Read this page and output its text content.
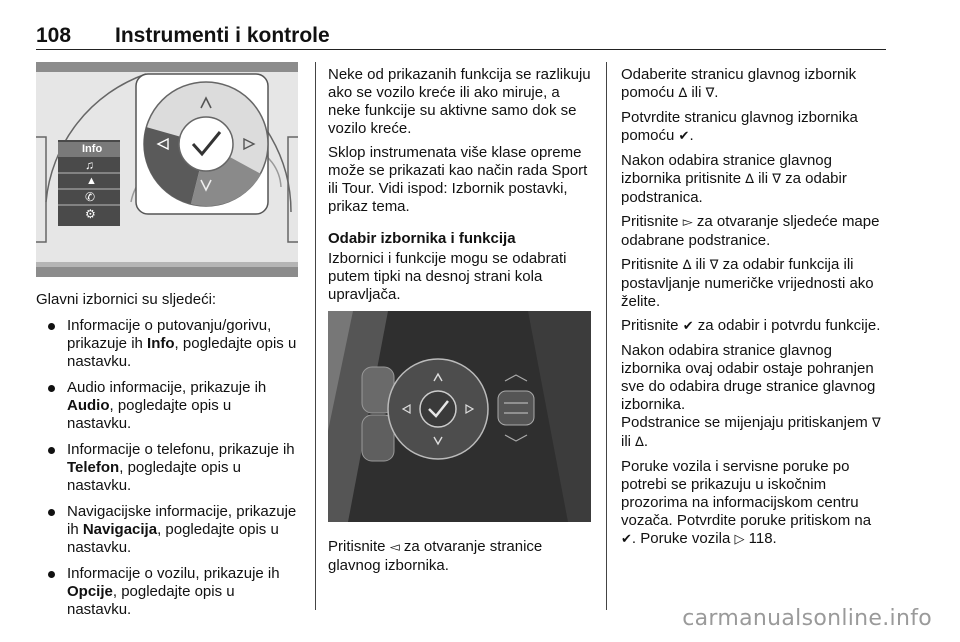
108 Instrumenti i kontrole
Info
♫
▲
✆
⚙

Glavni izbornici su sljedeći:

Informacije o putovanju/gorivu, prikazuje ih Info, pogledajte opis u nastavku.
Audio informacije, prikazuje ih Audio, pogledajte opis u nastavku.
Informacije o telefonu, prikazuje ih Telefon, pogledajte opis u nastavku.
Navigacijske informacije, prikazuje ih Navigacija, pogledajte opis u nastavku.
Informacije o vozilu, prikazuje ih Opcije, pogledajte opis u nastavku.

Neke od prikazanih funkcija se razlikuju ako se vozilo kreće ili ako miruje, a neke funkcije su aktivne samo dok se vozilo kreće.

Sklop instrumenata više klase opreme može se prikazati kao način rada Sport ili Tour. Vidi ispod: Izbornik postavki, prikaz tema.

Odabir izbornika i funkcija

Izbornici i funkcije mogu se odabrati putem tipki na desnoj strani kola upravljača.

Pritisnite ◅ za otvaranje stranice glavnog izbornika.

Odaberite stranicu glavnog izbornik pomoću ∆ ili ∇.

Potvrdite stranicu glavnog izbornika pomoću ✔.

Nakon odabira stranice glavnog izbornika pritisnite ∆ ili ∇ za odabir podstranica.

Pritisnite ▻ za otvaranje sljedeće mape odabrane podstranice.

Pritisnite ∆ ili ∇ za odabir funkcija ili postavljanje numeričke vrijednosti ako želite.

Pritisnite ✔ za odabir i potvrdu funkcije.

Nakon odabira stranice glavnog izbornika ovaj odabir ostaje pohranjen sve do odabira druge stranice glavnog izbornika.

Podstranice se mijenjaju pritiskanjem ∇ ili ∆.

Poruke vozila i servisne poruke po potrebi se prikazuju u iskočnim prozorima na informacijskom centru vozača. Potvrdite poruke pritiskom na ✔. Poruke vozila ▷ 118.

carmanualsonline.info
